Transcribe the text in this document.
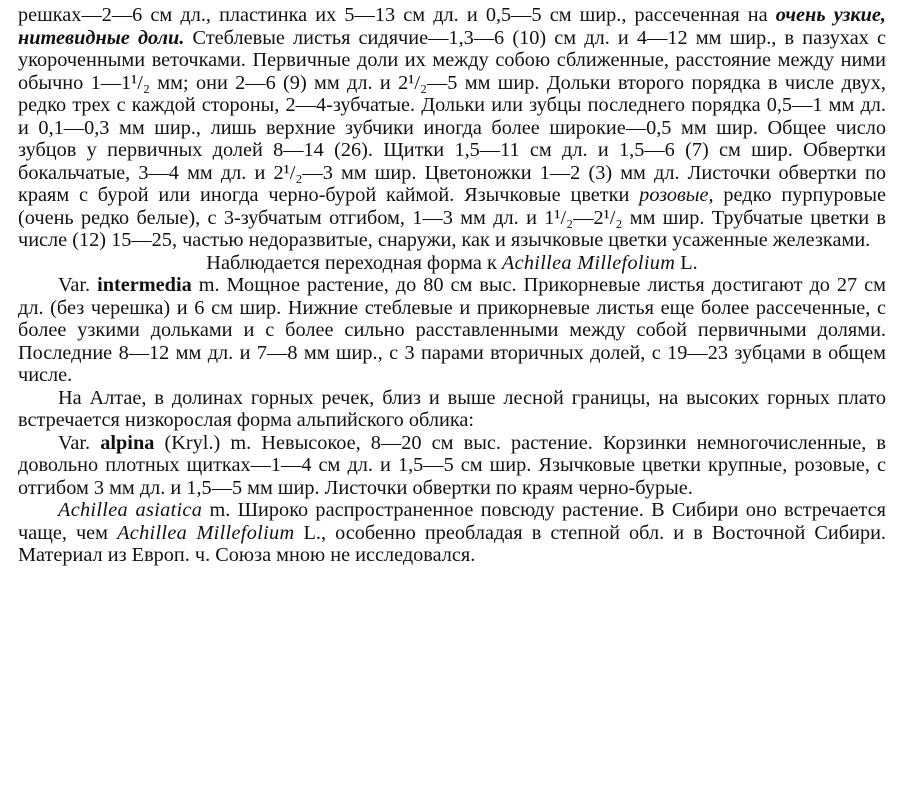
решках—2—6 см дл., пластинка их 5—13 см дл. и 0,5—5 см шир., рассеченная на очень узкие, нитевидные доли. Стеблевые листья сидячие—1,3—6 (10) см дл. и 4—12 мм шир., в пазухах с укороченными веточками. Первичные доли их между собою сближенные, расстояние между ними обычно 1—1¹/₂ мм; они 2—6 (9) мм дл. и 2¹/₂—5 мм шир. Дольки второго порядка в числе двух, редко трех с каждой стороны, 2—4-зубчатые. Дольки или зубцы последнего порядка 0,5—1 мм дл. и 0,1—0,3 мм шир., лишь верхние зубчики иногда более широкие—0,5 мм шир. Общее число зубцов у первичных долей 8—14 (26). Щитки 1,5—11 см дл. и 1,5—6 (7) см шир. Обвертки бокальчатые, 3—4 мм дл. и 2¹/₂—3 мм шир. Цветоножки 1—2 (3) мм дл. Листочки обвертки по краям с бурой или иногда черно-бурой каймой. Язычковые цветки розовые, редко пурпуровые (очень редко белые), с 3-зубчатым отгибом, 1—3 мм дл. и 1¹/₂—2¹/₂ мм шир. Трубчатые цветки в числе (12) 15—25, частью недоразвитые, снаружи, как и язычковые цветки усаженные железками.

Наблюдается переходная форма к Achillea Millefolium L.

Var. intermedia m. Мощное растение, до 80 см выс. Прикорневые листья достигают до 27 см дл. (без черешка) и 6 см шир. Нижние стеблевые и прикорневые листья еще более рассеченные, с более узкими дольками и с более сильно расставленными между собой первичными долями. Последние 8—12 мм дл. и 7—8 мм шир., с 3 парами вторичных долей, с 19—23 зубцами в общем числе.

На Алтае, в долинах горных речек, близ и выше лесной границы, на высоких горных плато встречается низкорослая форма альпийского облика:

Var. alpina (Kryl.) m. Невысокое, 8—20 см выс. растение. Корзинки немногочисленные, в довольно плотных щитках—1—4 см дл. и 1,5—5 см шир. Язычковые цветки крупные, розовые, с отгибом 3 мм дл. и 1,5—5 мм шир. Листочки обвертки по краям черно-бурые.

Achillea asiatica m. Широко распространенное повсюду растение. В Сибири оно встречается чаще, чем Achillea Millefolium L., особенно преобладая в степной обл. и в Восточной Сибири. Материал из Европ. ч. Союза мною не исследовался.
